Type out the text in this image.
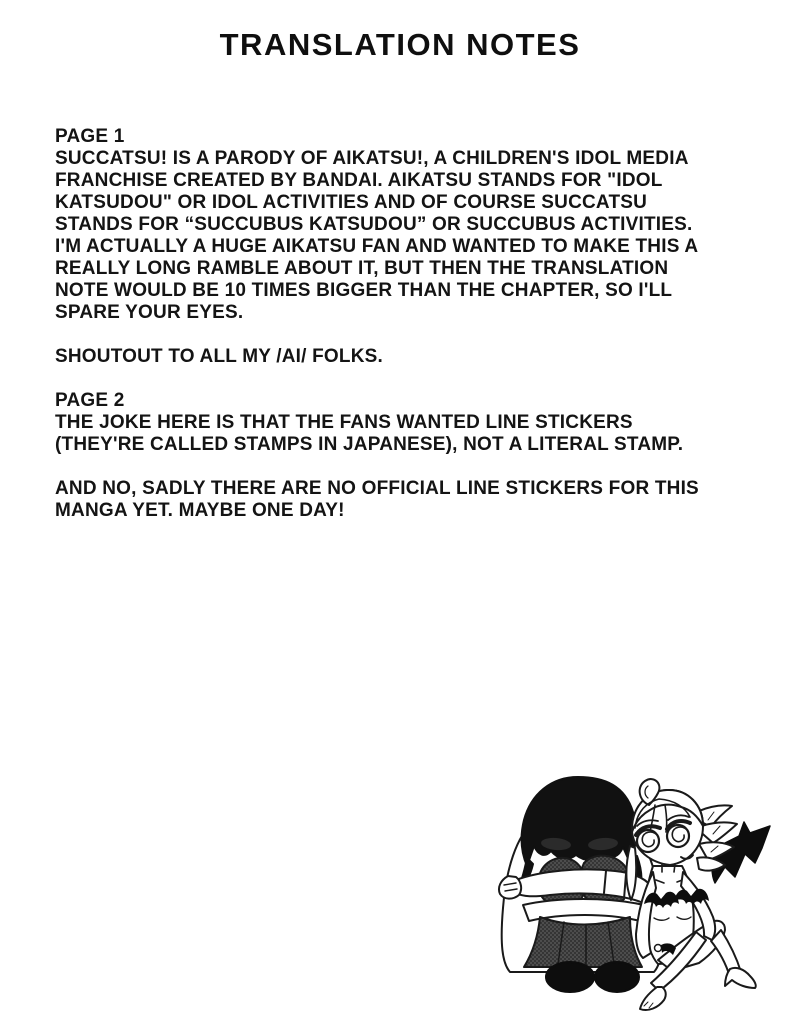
TRANSLATION NOTES

PAGE 1
SUCCATSU! IS A PARODY OF AIKATSU!, A CHILDREN'S IDOL MEDIA
FRANCHISE CREATED BY BANDAI. AIKATSU STANDS FOR "IDOL
KATSUDOU" OR IDOL ACTIVITIES AND OF COURSE SUCCATSU
STANDS FOR “SUCCUBUS KATSUDOU” OR SUCCUBUS ACTIVITIES.
I'M ACTUALLY A HUGE AIKATSU FAN AND WANTED TO MAKE THIS A
REALLY LONG RAMBLE ABOUT IT, BUT THEN THE TRANSLATION
NOTE WOULD BE 10 TIMES BIGGER THAN THE CHAPTER, SO I'LL
SPARE YOUR EYES.

SHOUTOUT TO ALL MY /AI/ FOLKS.

PAGE 2
THE JOKE HERE IS THAT THE FANS WANTED LINE STICKERS
(THEY'RE CALLED STAMPS IN JAPANESE), NOT A LITERAL STAMP.

AND NO, SADLY THERE ARE NO OFFICIAL LINE STICKERS FOR THIS
MANGA YET. MAYBE ONE DAY!
